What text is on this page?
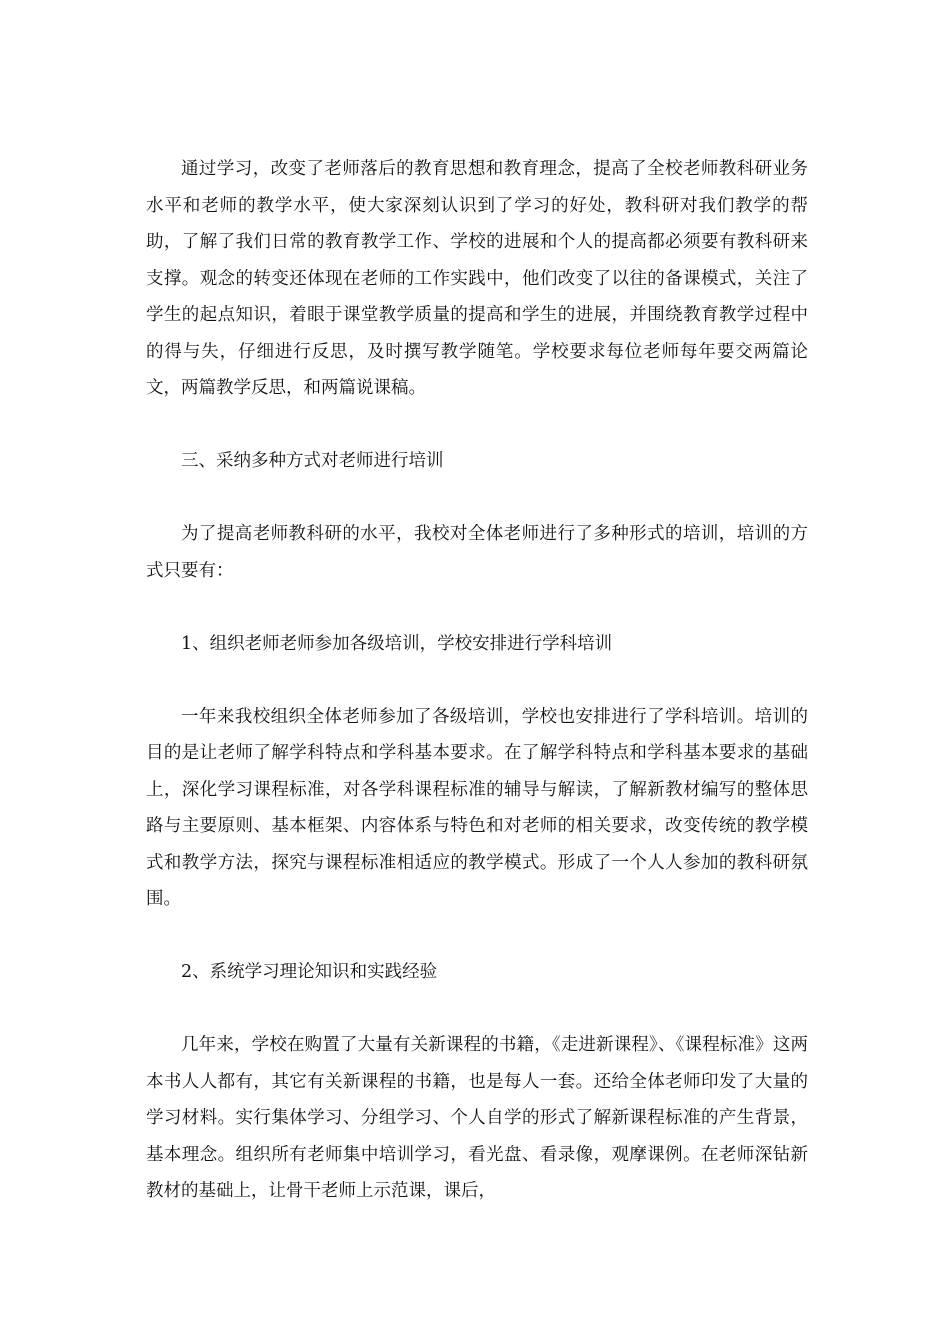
通过学习，改变了老师落后的教育思想和教育理念，提高了全校老师教科研业务水平和老师的教学水平，使大家深刻认识到了学习的好处，教科研对我们教学的帮助，了解了我们日常的教育教学工作、学校的进展和个人的提高都必须要有教科研来支撑。观念的转变还体现在老师的工作实践中，他们改变了以往的备课模式，关注了学生的起点知识，着眼于课堂教学质量的提高和学生的进展，并围绕教育教学过程中的得与失，仔细进行反思，及时撰写教学随笔。学校要求每位老师每年要交两篇论文，两篇教学反思，和两篇说课稿。

三、采纳多种方式对老师进行培训

为了提高老师教科研的水平，我校对全体老师进行了多种形式的培训，培训的方式只要有：

1、组织老师老师参加各级培训，学校安排进行学科培训

一年来我校组织全体老师参加了各级培训，学校也安排进行了学科培训。培训的目的是让老师了解学科特点和学科基本要求。在了解学科特点和学科基本要求的基础上，深化学习课程标准，对各学科课程标准的辅导与解读，了解新教材编写的整体思路与主要原则、基本框架、内容体系与特色和对老师的相关要求，改变传统的教学模式和教学方法，探究与课程标准相适应的教学模式。形成了一个人人参加的教科研氛围。

2、系统学习理论知识和实践经验

几年来，学校在购置了大量有关新课程的书籍，《走进新课程》、《课程标准》这两本书人人都有，其它有关新课程的书籍，也是每人一套。还给全体老师印发了大量的学习材料。实行集体学习、分组学习、个人自学的形式了解新课程标准的产生背景，基本理念。组织所有老师集中培训学习，看光盘、看录像，观摩课例。在老师深钻新教材的基础上，让骨干老师上示范课，课后，
